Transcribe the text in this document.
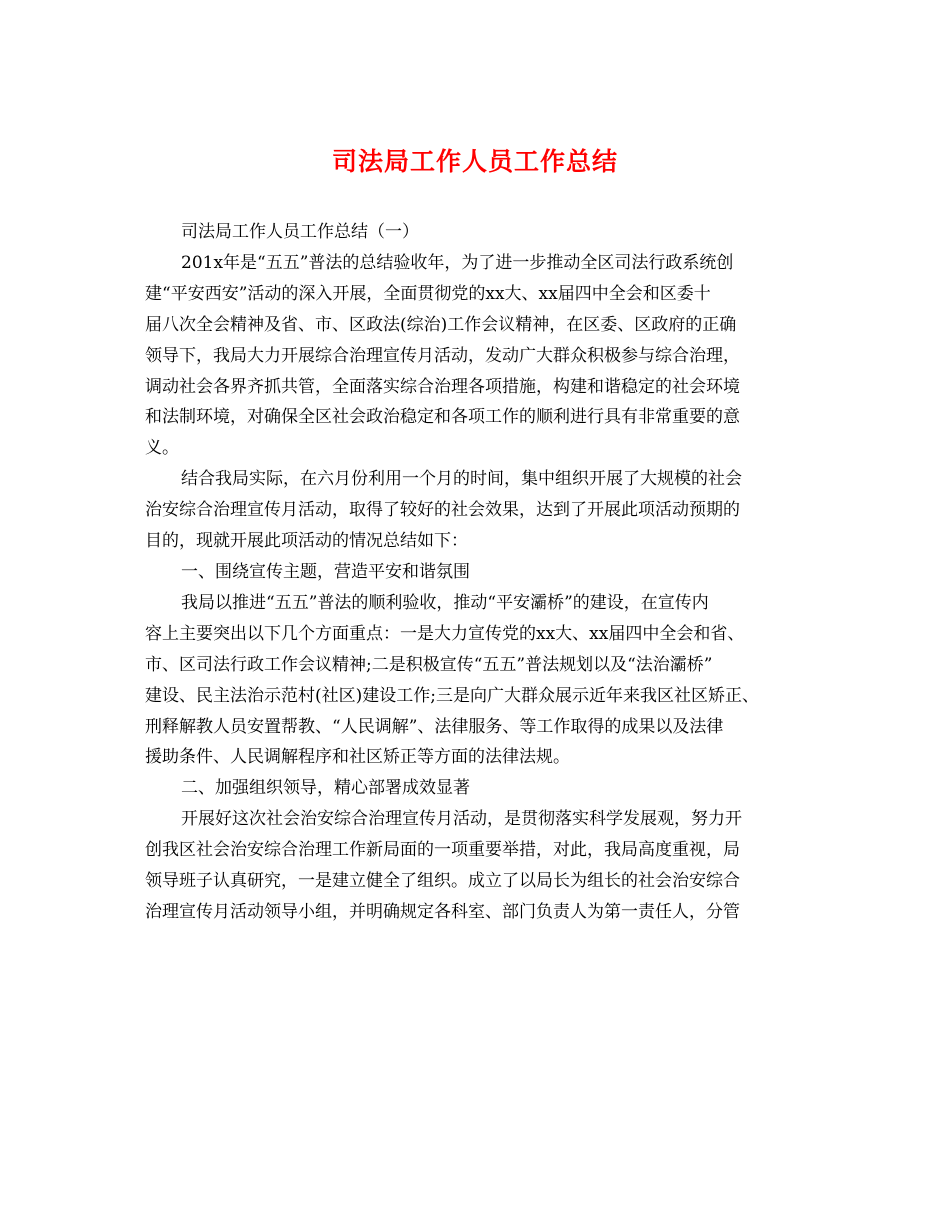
司法局工作人员工作总结
司法局工作人员工作总结（一）
201x年是“五五”普法的总结验收年，为了进一步推动全区司法行政系统创
建“平安西安”活动的深入开展，全面贯彻党的xx大、xx届四中全会和区委十
届八次全会精神及省、市、区政法(综治)工作会议精神，在区委、区政府的正确
领导下，我局大力开展综合治理宣传月活动，发动广大群众积极参与综合治理，
调动社会各界齐抓共管，全面落实综合治理各项措施，构建和谐稳定的社会环境
和法制环境，对确保全区社会政治稳定和各项工作的顺利进行具有非常重要的意
义。
结合我局实际，在六月份利用一个月的时间，集中组织开展了大规模的社会
治安综合治理宣传月活动，取得了较好的社会效果，达到了开展此项活动预期的
目的，现就开展此项活动的情况总结如下：
一、围绕宣传主题，营造平安和谐氛围
我局以推进“五五”普法的顺利验收，推动“平安灞桥”的建设，在宣传内
容上主要突出以下几个方面重点：一是大力宣传党的xx大、xx届四中全会和省、
市、区司法行政工作会议精神;二是积极宣传“五五”普法规划以及“法治灞桥”
建设、民主法治示范村(社区)建设工作;三是向广大群众展示近年来我区社区矫正、
刑释解教人员安置帮教、“人民调解”、法律服务、等工作取得的成果以及法律
援助条件、人民调解程序和社区矫正等方面的法律法规。
二、加强组织领导，精心部署成效显著
开展好这次社会治安综合治理宣传月活动，是贯彻落实科学发展观，努力开
创我区社会治安综合治理工作新局面的一项重要举措，对此，我局高度重视，局
领导班子认真研究，一是建立健全了组织。成立了以局长为组长的社会治安综合
治理宣传月活动领导小组，并明确规定各科室、部门负责人为第一责任人，分管
